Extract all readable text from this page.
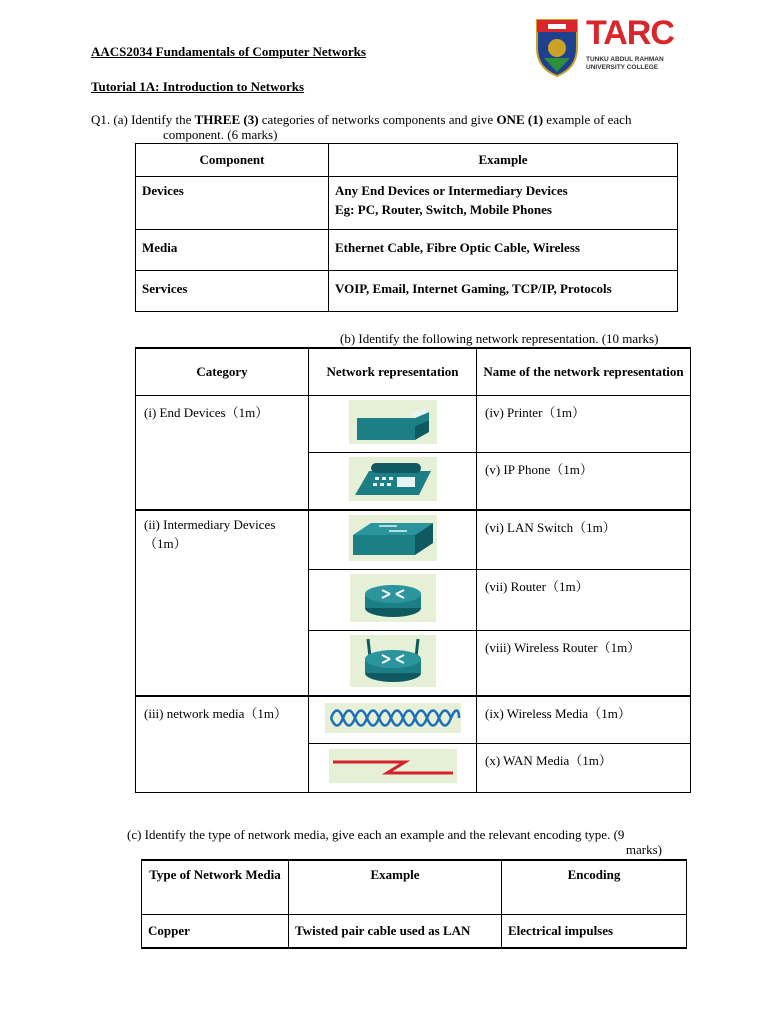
AACS2034 Fundamentals of Computer Networks
Tutorial 1A: Introduction to Networks
TARC
TUNKU ABDUL RAHMAN
UNIVERSITY COLLEGE
Q1. (a) Identify the THREE (3) categories of networks components and give ONE (1) example of each
component. (6 marks)
Component	Example
Devices	Any End Devices or Intermediary Devices
Eg: PC, Router, Switch, Mobile Phones

Media	Ethernet Cable, Fibre Optic Cable, Wireless
Services	VOIP, Email, Internet Gaming, TCP/IP, Protocols
(b) Identify the following network representation. (10 marks)
Category	Network representation	Name of the network representation
(i) End Devices（1m）		(iv) Printer（1m）
	(v) IP Phone（1m）
(ii) Intermediary Devices（1m）		(vi) LAN Switch（1m）
	(vii) Router（1m）
	(viii) Wireless Router（1m）
(iii) network media（1m）		(ix) Wireless Media（1m）
	(x) WAN Media（1m）
(c) Identify the type of network media, give each an example and the relevant encoding type. (9
marks)
Type of Network Media	Example	Encoding
Copper	Twisted pair cable used as LAN	Electrical impulses
